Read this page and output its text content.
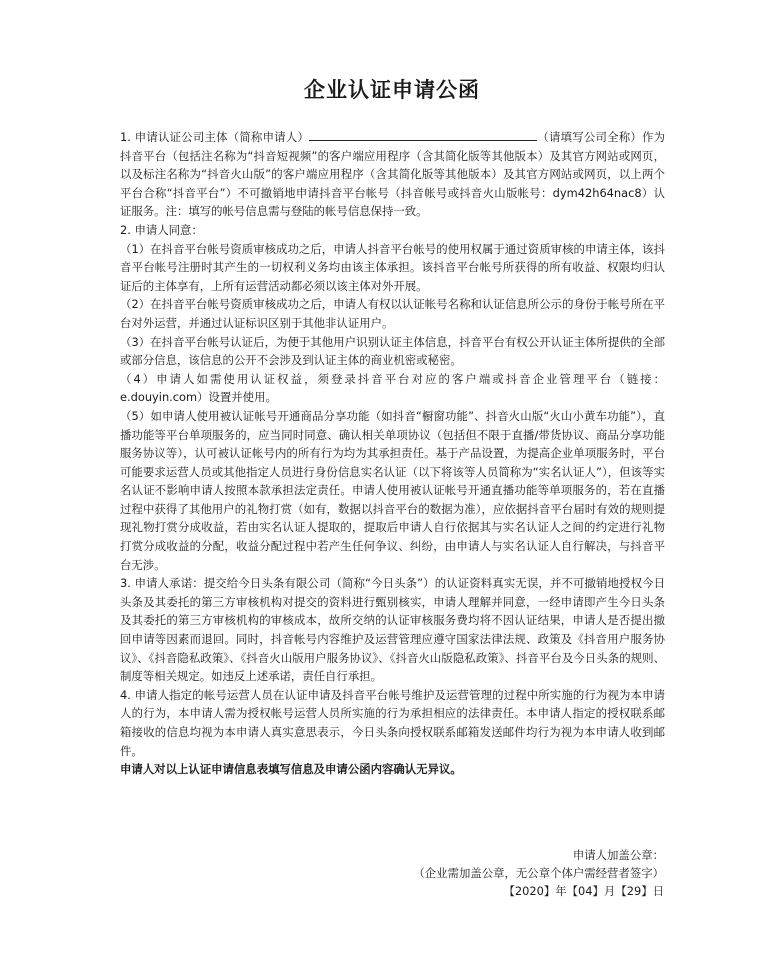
企业认证申请公函

1. 申请认证公司主体（简称申请人）	（请填写公司全称）作为抖音平台（包括注名称为“抖音短视频”的客户端应用程序（含其简化版等其他版本）及其官方网站或网页，以及标注名称为“抖音火山版”的客户端应用程序（含其简化版等其他版本）及其官方网站或网页，以上两个平台合称“抖音平台”）不可撤销地申请抖音平台帐号（抖音帐号或抖音火山版帐号：dym42h64nac8）认证服务。注：填写的帐号信息需与登陆的帐号信息保持一致。

2. 申请人同意：

（1）在抖音平台帐号资质审核成功之后，申请人抖音平台帐号的使用权属于通过资质审核的申请主体，该抖音平台帐号注册时其产生的一切权利义务均由该主体承担。该抖音平台帐号所获得的所有收益、权限均归认证后的主体享有，上所有运营活动都必须以该主体对外开展。

（2）在抖音平台帐号资质审核成功之后，申请人有权以认证帐号名称和认证信息所公示的身份于帐号所在平台对外运营，并通过认证标识区别于其他非认证用户。

（3）在抖音平台帐号认证后，为便于其他用户识别认证主体信息，抖音平台有权公开认证主体所提供的全部或部分信息，该信息的公开不会涉及到认证主体的商业机密或秘密。

（4）申请人如需使用认证权益，须登录抖音平台对应的客户端或抖音企业管理平台（链接：e.douyin.com）设置并使用。

（5）如申请人使用被认证帐号开通商品分享功能（如抖音“橱窗功能”、抖音火山版“火山小黄车功能”），直播功能等平台单项服务的，应当同时同意、确认相关单项协议（包括但不限于直播/带货协议、商品分享功能服务协议等），认可被认证帐号内的所有行为均为其承担责任。基于产品设置，为提高企业单项服务时，平台可能要求运营人员或其他指定人员进行身份信息实名认证（以下将该等人员简称为“实名认证人”），但该等实名认证不影响申请人按照本款承担法定责任。申请人使用被认证帐号开通直播功能等单项服务的，若在直播过程中获得了其他用户的礼物打赏（如有，数据以抖音平台的数据为准），应依据抖音平台届时有效的规则提现礼物打赏分成收益，若由实名认证人提取的，提取后申请人自行依据其与实名认证人之间的约定进行礼物打赏分成收益的分配，收益分配过程中若产生任何争议、纠纷，由申请人与实名认证人自行解决，与抖音平台无涉。

3. 申请人承诺：提交给今日头条有限公司（简称“今日头条”）的认证资料真实无误，并不可撤销地授权今日头条及其委托的第三方审核机构对提交的资料进行甄别核实，申请人理解并同意，一经申请即产生今日头条及其委托的第三方审核机构的审核成本，故所交纳的认证审核服务费均将不因认证结果，申请人是否提出撤回申请等因素而退回。同时，抖音帐号内容维护及运营管理应遵守国家法律法规、政策及《抖音用户服务协议》、《抖音隐私政策》、《抖音火山版用户服务协议》、《抖音火山版隐私政策》、抖音平台及今日头条的规则、制度等相关规定。如违反上述承诺，责任自行承担。

4. 申请人指定的帐号运营人员在认证申请及抖音平台帐号维护及运营管理的过程中所实施的行为视为本申请人的行为，本申请人需为授权帐号运营人员所实施的行为承担相应的法律责任。本申请人指定的授权联系邮箱接收的信息均视为本申请人真实意思表示，今日头条向授权联系邮箱发送邮件均行为视为本申请人收到邮件。

申请人对以上认证申请信息表填写信息及申请公函内容确认无异议。

申请人加盖公章：
（企业需加盖公章，无公章个体户需经营者签字）
【2020】年【04】月【29】日
